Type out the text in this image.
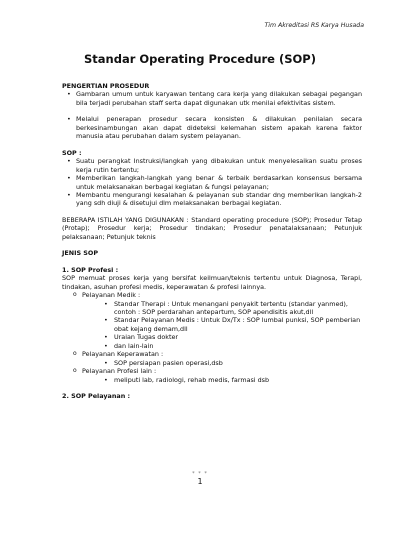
Tim Akreditasi RS Karya Husada
Standar Operating Procedure (SOP)

PENGERTIAN PROSEDUR

• Gambaran umum untuk karyawan tentang cara kerja yang dilakukan sebagai pegangan bila terjadi perubahan staff serta dapat digunakan utk menilai efektivitas sistem.
• Melalui penerapan prosedur secara konsisten & dilakukan penilaian secara berkesinambungan akan dapat dideteksi kelemahan sistem apakah karena faktor manusia atau perubahan dalam system pelayanan.

SOP :

• Suatu perangkat Instruksi/langkah yang dibakukan untuk menyelesaikan suatu proses kerja rutin tertentu;
• Memberikan langkah-langkah yang benar & terbaik berdasarkan konsensus bersama untuk melaksanakan berbagai kegiatan & fungsi pelayanan;
• Membantu mengurangi kesalahan & pelayanan sub standar dng memberikan langkah-2 yang sdh diuji & disetujui dlm melaksanakan berbagai kegiatan.

BEBERAPA ISTILAH YANG DIGUNAKAN : Standard operating procedure (SOP); Prosedur Tetap (Protap); Prosedur kerja; Prosedur tindakan; Prosedur penatalaksanaan; Petunjuk pelaksanaan; Petunjuk teknis

JENIS SOP

1. SOP Profesi :

SOP memuat proses kerja yang bersifat keilmuan/teknis tertentu untuk Diagnosa, Terapi, tindakan, asuhan profesi medis, keperawatan & profesi lainnya.

o Pelayanan Medik :
• Standar Therapi : Untuk menangani penyakit tertentu (standar yanmed), contoh : SOP perdarahan antepartum, SOP apendisitis akut,dll
• Standar Pelayanan Medis : Untuk Dx/Tx : SOP lumbal punksi, SOP pemberian obat kejang demam,dll
• Uraian Tugas dokter
• dan lain-lain
o Pelayanan Keperawatan :
• SOP persiapan pasien operasi,dsb
o Pelayanan Profesi lain :
• meliputi lab, radiologi, rehab medis, farmasi dsb

2. SOP Pelayanan :

* * *
1
